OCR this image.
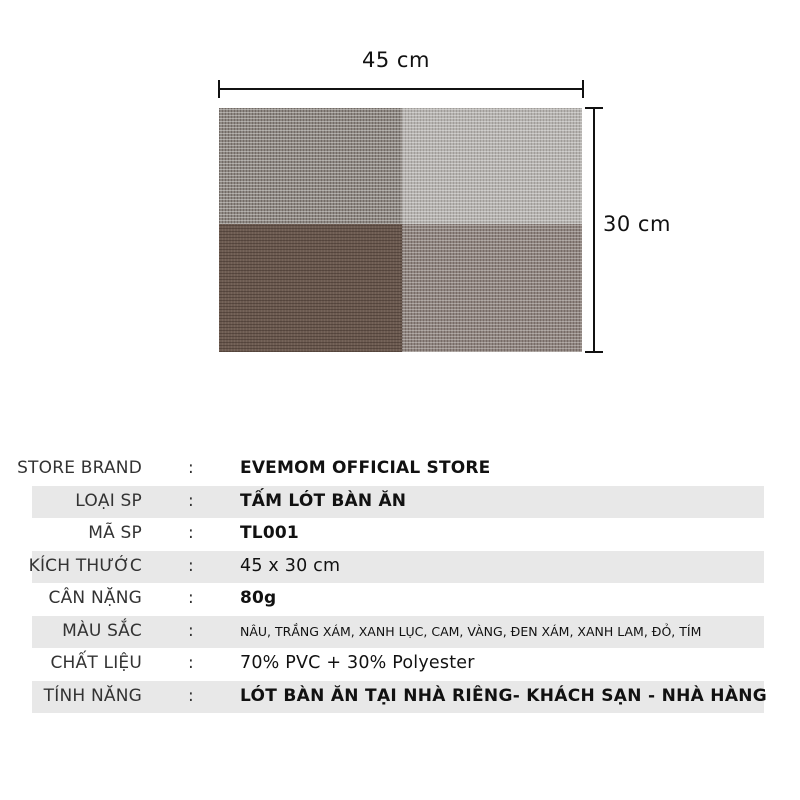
45 cm
30 cm
STORE BRAND	:	EVEMOM OFFICIAL STORE
LOẠI SP	:	TẤM LÓT BÀN ĂN
MÃ SP	:	TL001
KÍCH THƯỚC	:	45 x 30 cm
CÂN NẶNG	:	80g
MÀU SẮC	:	NÂU, TRẮNG XÁM, XANH LỤC, CAM, VÀNG, ĐEN XÁM, XANH LAM, ĐỎ, TÍM
CHẤT LIỆU	:	70% PVC + 30% Polyester
TÍNH NĂNG	:	LÓT BÀN ĂN TẠI NHÀ RIÊNG- KHÁCH SẠN - NHÀ HÀNG
